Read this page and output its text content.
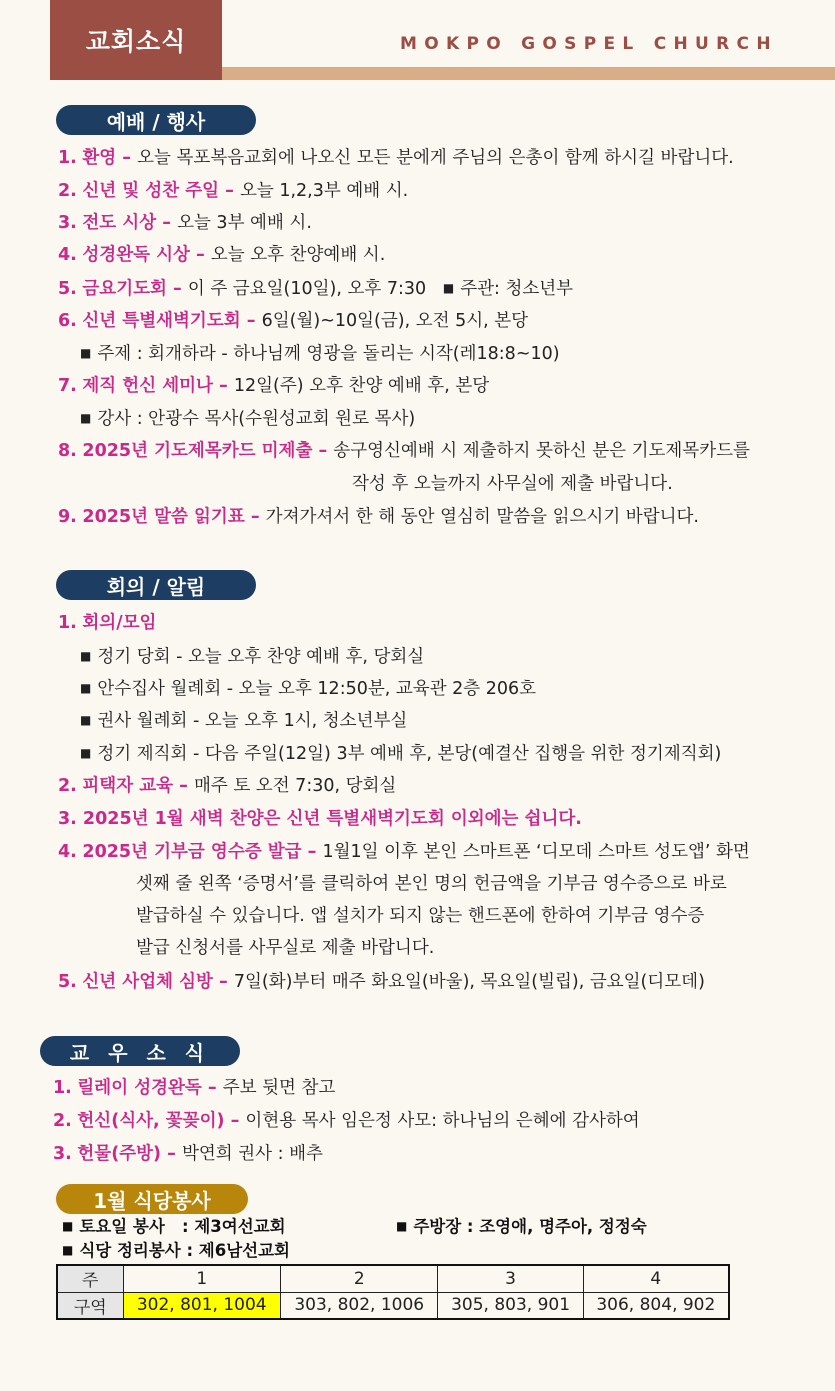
교회소식	MOKPO GOSPEL CHURCH
예배 / 행사
1. 환영 – 오늘 목포복음교회에 나오신 모든 분에게 주님의 은총이 함께 하시길 바랍니다.
2. 신년 및 성찬 주일 – 오늘 1,2,3부 예배 시.
3. 전도 시상 – 오늘 3부 예배 시.
4. 성경완독 시상 – 오늘 오후 찬양예배 시.
5. 금요기도회 – 이 주 금요일(10일), 오후 7:30 ■ 주관: 청소년부
6. 신년 특별새벽기도회 – 6일(월)~10일(금), 오전 5시, 본당
■ 주제 : 회개하라 - 하나님께 영광을 돌리는 시작(레18:8~10)
7. 제직 헌신 세미나 – 12일(주) 오후 찬양 예배 후, 본당
■ 강사 : 안광수 목사(수원성교회 원로 목사)
8. 2025년 기도제목카드 미제출 – 송구영신예배 시 제출하지 못하신 분은 기도제목카드를
작성 후 오늘까지 사무실에 제출 바랍니다.
9. 2025년 말씀 읽기표 – 가져가셔서 한 해 동안 열심히 말씀을 읽으시기 바랍니다.
회의 / 알림
1. 회의/모임
■ 정기 당회 - 오늘 오후 찬양 예배 후, 당회실
■ 안수집사 월례회 - 오늘 오후 12:50분, 교육관 2층 206호
■ 권사 월례회 - 오늘 오후 1시, 청소년부실
■ 정기 제직회 - 다음 주일(12일) 3부 예배 후, 본당(예결산 집행을 위한 정기제직회)
2. 피택자 교육 – 매주 토 오전 7:30, 당회실
3. 2025년 1월 새벽 찬양은 신년 특별새벽기도회 이외에는 쉽니다.
4. 2025년 기부금 영수증 발급 – 1월1일 이후 본인 스마트폰 ‘디모데 스마트 성도앱’ 화면
셋째 줄 왼쪽 ‘증명서’를 클릭하여 본인 명의 헌금액을 기부금 영수증으로 바로
발급하실 수 있습니다. 앱 설치가 되지 않는 핸드폰에 한하여 기부금 영수증
발급 신청서를 사무실로 제출 바랍니다.
5. 신년 사업체 심방 – 7일(화)부터 매주 화요일(바울), 목요일(빌립), 금요일(디모데)
교 우 소 식
1. 릴레이 성경완독 – 주보 뒷면 참고
2. 헌신(식사, 꽃꽂이) – 이현용 목사 임은정 사모: 하나님의 은혜에 감사하여
3. 헌물(주방) – 박연희 권사 : 배추
1월 식당봉사
■ 토요일 봉사   : 제3여선교회	■ 주방장 : 조영애, 명주아, 정정숙
■ 식당 정리봉사 : 제6남선교회
주	1	2	3	4
구역	302, 801, 1004	303, 802, 1006	305, 803, 901	306, 804, 902
